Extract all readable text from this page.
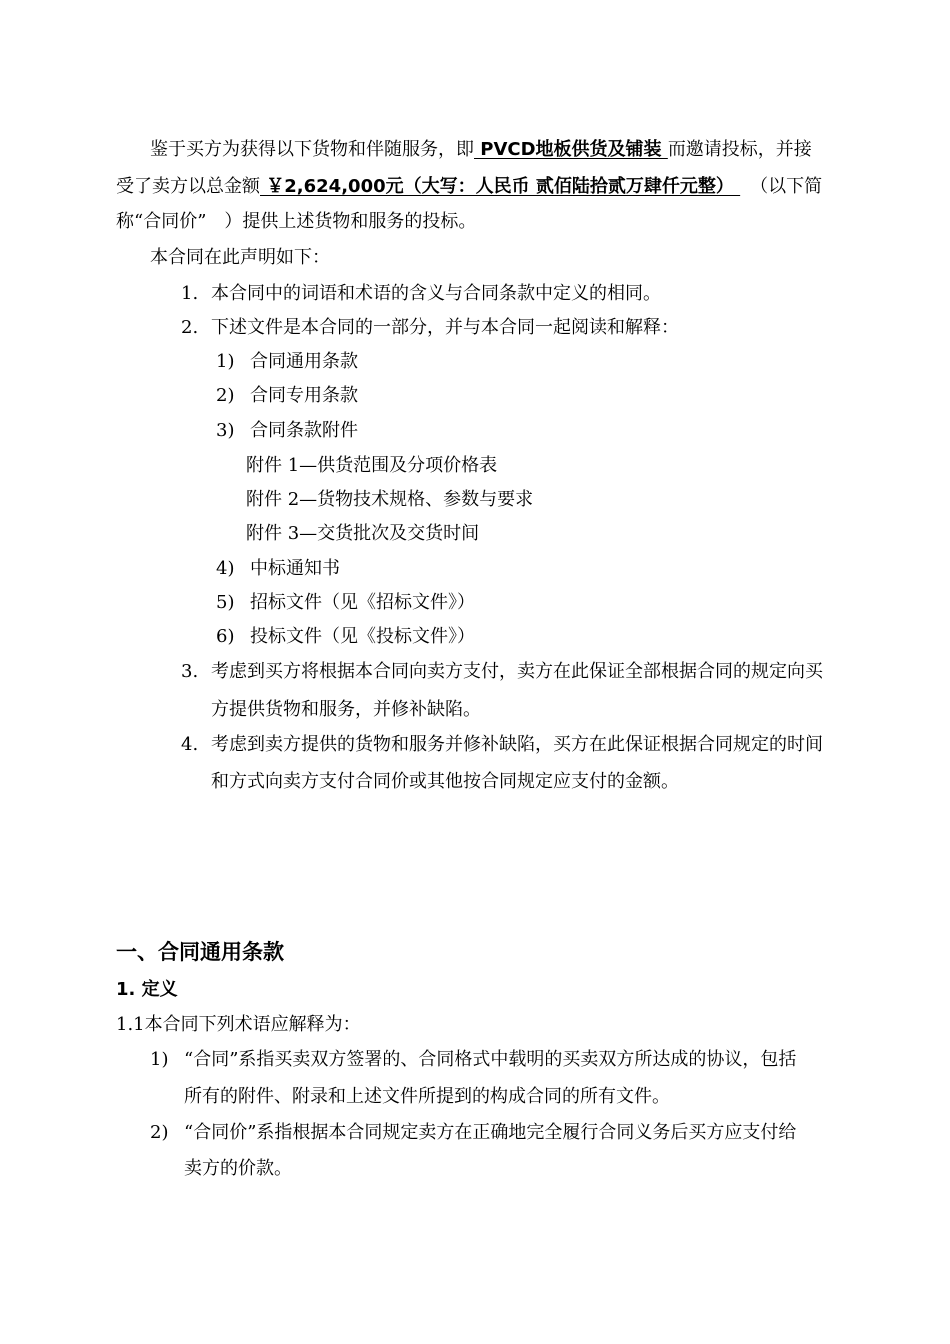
鉴于买方为获得以下货物和伴随服务，即 PVCD地板供货及铺装 而邀请投标，并接
受了卖方以总金额 ￥2,624,000元（大写：人民币 贰佰陆拾贰万肆仟元整） （以下简
称“合同价”　）提供上述货物和服务的投标。
本合同在此声明如下：
1. 本合同中的词语和术语的含义与合同条款中定义的相同。
2. 下述文件是本合同的一部分，并与本合同一起阅读和解释：
1) 合同通用条款
2) 合同专用条款
3) 合同条款附件
附件 1—供货范围及分项价格表
附件 2—货物技术规格、参数与要求
附件 3—交货批次及交货时间
4) 中标通知书
5) 招标文件（见《招标文件》）
6) 投标文件（见《投标文件》）
3. 考虑到买方将根据本合同向卖方支付，卖方在此保证全部根据合同的规定向买
方提供货物和服务，并修补缺陷。
4. 考虑到卖方提供的货物和服务并修补缺陷，买方在此保证根据合同规定的时间
和方式向卖方支付合同价或其他按合同规定应支付的金额。
一、合同通用条款
1. 定义
1.1本合同下列术语应解释为：
1) “合同”系指买卖双方签署的、合同格式中载明的买卖双方所达成的协议，包括
所有的附件、附录和上述文件所提到的构成合同的所有文件。
2) “合同价”系指根据本合同规定卖方在正确地完全履行合同义务后买方应支付给
卖方的价款。
